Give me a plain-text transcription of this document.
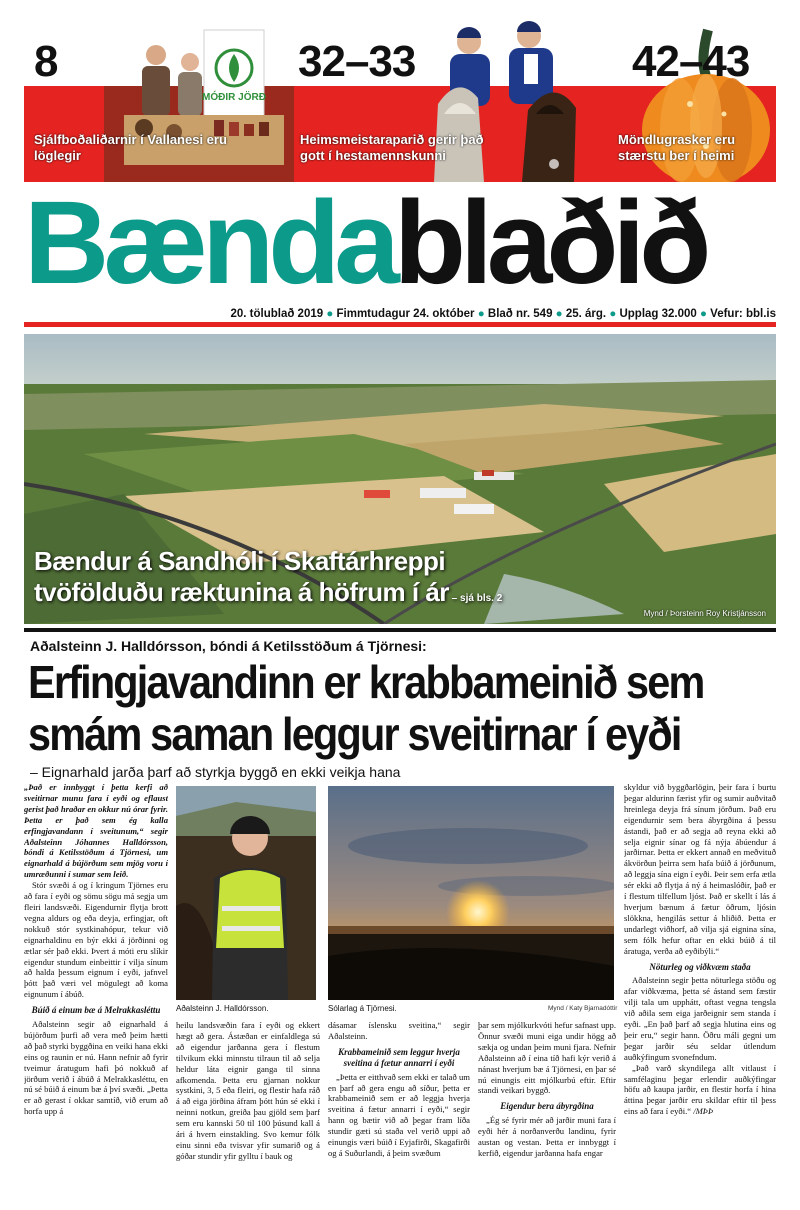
MÓÐIR JÖRÐ
8	32–33	42–43
Sjálfboðaliðarnir í Vallanesi eru löglegir
Heimsmeistaraparið gerir það gott í hestamennskunni
Möndlugrasker eru stærstu ber í heimi
Bændablaðið
20. tölublað 2019 ● Fimmtudagur 24. október ● Blað nr. 549 ● 25. árg. ● Upplag 32.000 ● Vefur: bbl.is
Bændur á Sandhóli í Skaftárhreppi
tvöfölduðu ræktunina á höfrum í ár – sjá bls. 2
Mynd / Þorsteinn Roy Kristjánsson
Aðalsteinn J. Halldórsson, bóndi á Ketilsstöðum á Tjörnesi:
Erfingjavandinn er krabbameinið sem
smám saman leggur sveitirnar í eyði
– Eignarhald jarða þarf að styrkja byggð en ekki veikja hana

„Það er innbyggt í þetta kerfi að sveitirnar munu fara í eyði og eflaust gerist það hraðar en okkur nú órar fyrir. Þetta er það sem ég kalla erfingjavandann í sveitunum,“ segir Aðalsteinn Jóhannes Halldórsson, bóndi á Ketilsstöðum á Tjörnesi, um eignarhald á bújörðum sem mjög voru í umræðunni í sumar sem leið.

Stór svæði á og í kringum Tjörnes eru að fara í eyði og sömu sögu má segja um fleiri landsvæði. Eigendurnir flytja brott vegna aldurs og eða deyja, erfingjar, oft nokkuð stór systkinahópur, tekur við eignarhaldinu en býr ekki á jörðinni og ætlar sér það ekki. Þvert á móti eru slíkir eigendur stundum einbeittir í vilja sínum að halda þessum eignum í eyði, jafnvel þótt það væri vel mögulegt að koma eignunum í ábúð.

Búið á einum bæ á Melrakkasléttu

Aðalsteinn segir að eignarhald á bújörðum þurfi að vera með þeim hætti að það styrki byggðina en veiki hana ekki eins og raunin er nú. Hann nefnir að fyrir tveimur áratugum hafi þó nokkuð af jörðum verið í ábúð á Melrakkasléttu, en nú sé búið á einum bæ á því svæði. „Þetta er að gerast í okkar samtíð, við erum að horfa upp á

Aðalsteinn J. Halldórsson.	Sólarlag á Tjörnesi.	Mynd / Katy Bjarnadóttir

heilu landsvæðin fara í eyði og ekkert hægt að gera. Ástæðan er einfaldlega sú að eigendur jarðanna gera í flestum tilvikum ekki minnstu tilraun til að selja heldur láta eignir ganga til sinna afkomenda. Þetta eru gjarnan nokkur systkini, 3, 5 eða fleiri, og flestir hafa ráð á að eiga jörðina áfram þótt hún sé ekki í neinni notkun, greiða þau gjöld sem þarf sem eru kannski 50 til 100 þúsund kall á ári á hvern einstakling. Svo kemur fólk einu sinni eða tvisvar yfir sumarið og á góðar stundir yfir gylltu í bauk og

dásamar íslensku sveitina,“ segir Aðalsteinn.

Krabbameinið sem leggur hverja sveitina á fætur annarri í eyði

„Þetta er eitthvað sem ekki er talað um en þarf að gera engu að síður, þetta er krabbameinið sem er að leggja hverja sveitina á fætur annarri í eyði,“ segir hann og bætir við að þegar fram líða stundir gæti sú staða vel verið uppi að einungis væri búið í Eyjafirði, Skagafirði og á Suðurlandi, á þeim svæðum

þar sem mjólkurkvóti hefur safnast upp. Önnur svæði muni eiga undir högg að sækja og undan þeim muni fjara. Nefnir Aðalsteinn að í eina tíð hafi kýr verið á nánast hverjum bæ á Tjörnesi, en þar sé nú einungis eitt mjólkurbú eftir. Eftir standi veikari byggð.

Eigendur bera ábyrgðina

„Ég sé fyrir mér að jarðir muni fara í eyði hér á norðanverðu landinu, fyrir austan og vestan. Þetta er innbyggt í kerfið, eigendur jarðanna hafa engar

skyldur við byggðarlögin, þeir fara í burtu þegar aldurinn færist yfir og sumir auðvitað hreinlega deyja frá sínum jörðum. Það eru eigendurnir sem bera ábyrgðina á þessu ástandi, það er að segja að reyna ekki að selja eignir sínar og fá nýja ábúendur á jarðirnar. Þetta er ekkert annað en meðvituð ákvörðun þeirra sem hafa búið á jörðunum, að leggja sína eign í eyði. Þeir sem erfa ætla sér ekki að flytja á ný á heimaslóðir, það er í flestum tilfellum ljóst. Það er skellt í lás á hverjum bænum á fætur öðrum, ljósin slökkna, hengilás settur á hliðið. Þetta er undarlegt viðhorf, að vilja sjá eignina sína, sem fólk hefur oftar en ekki búið á til áratuga, verða að eyðibýli.“

Nöturleg og viðkvæm staða

Aðalsteinn segir þetta nöturlega stöðu og afar viðkvæma, þetta sé ástand sem fæstir vilji tala um upphátt, oftast vegna tengsla við aðila sem eiga jarðeignir sem standa í eyði. „En það þarf að segja hlutina eins og þeir eru,“ segir hann. Öðru máli gegni um þegar jarðir séu seldar útlendum auðkýfingum svonefndum.

„Það varð skyndilega allt vitlaust í samfélaginu þegar erlendir auðkýfingar höfu að kaupa jarðir, en flestir horfa í hina áttina þegar jarðir eru skildar eftir til þess eins að fara í eyði.“ /MÞÞ
